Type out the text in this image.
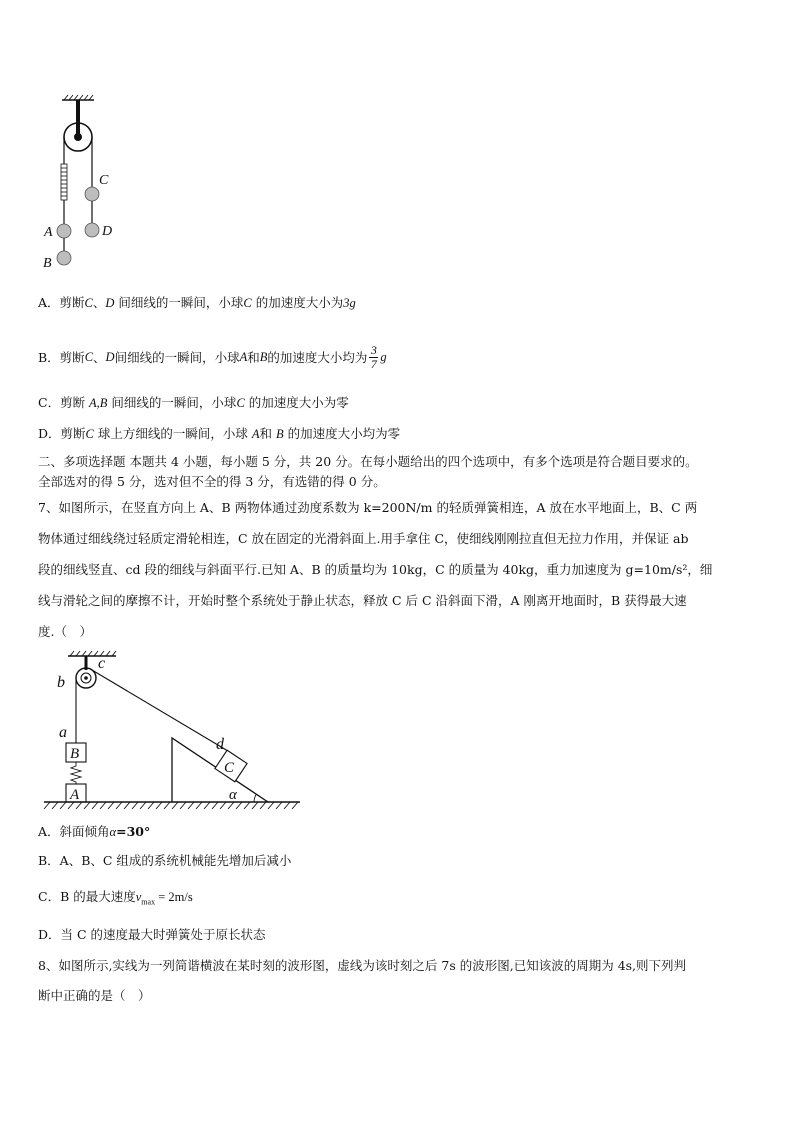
C
A	D
B
A．剪断C、D 间细线的一瞬间，小球C 的加速度大小为3g
B．剪断 C 、 D 间细线的一瞬间，小球 A 和 B 的加速度大小均为 $\frac{3}{7}$ g
C．剪断 A,B 间细线的一瞬间，小球C 的加速度大小为零
D．剪断C 球上方细线的一瞬间，小球 A和 B 的加速度大小均为零
二、多项选择题 本题共 4 小题，每小题 5 分，共 20 分。在每小题给出的四个选项中，有多个选项是符合题目要求的。
全部选对的得 5 分，选对但不全的得 3 分，有选错的得 0 分。
7、如图所示，在竖直方向上 A、B 两物体通过劲度系数为 k=200N/m 的轻质弹簧相连，A 放在水平地面上，B、C 两
物体通过细线绕过轻质定滑轮相连，C 放在固定的光滑斜面上.用手拿住 C，使细线刚刚拉直但无拉力作用，并保证 ab
段的细线竖直、cd 段的细线与斜面平行.已知 A、B 的质量均为 10kg，C 的质量为 40kg，重力加速度为 g=10m/s²，细
线与滑轮之间的摩擦不计，开始时整个系统处于静止状态，释放 C 后 C 沿斜面下滑，A 刚离开地面时，B 获得最大速
度.（　）
c
b
a
B
A
d
C
α
A．斜面倾角α=30°
B．A、B、C 组成的系统机械能先增加后减小
C．B 的最大速度$v_{max} = 2m/s$
D．当 C 的速度最大时弹簧处于原长状态
8、如图所示,实线为一列简谐横波在某时刻的波形图，虚线为该时刻之后 7s 的波形图,已知该波的周期为 4s,则下列判
断中正确的是（　）
